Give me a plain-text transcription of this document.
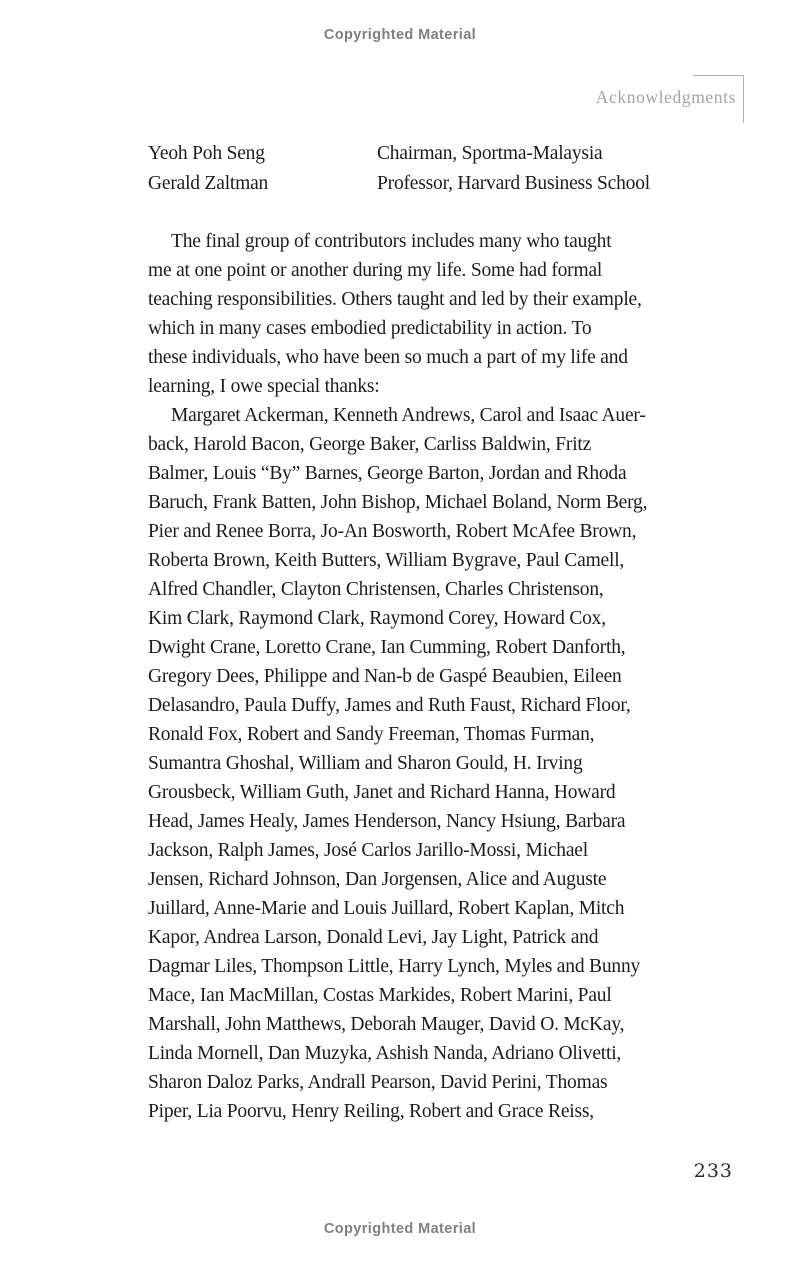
Copyrighted Material
Acknowledgments
Yeoh Poh Seng	Chairman, Sportma-Malaysia
Gerald Zaltman	Professor, Harvard Business School
The final group of contributors includes many who taught
me at one point or another during my life. Some had formal
teaching responsibilities. Others taught and led by their example,
which in many cases embodied predictability in action. To
these individuals, who have been so much a part of my life and
learning, I owe special thanks:
Margaret Ackerman, Kenneth Andrews, Carol and Isaac Auer-
back, Harold Bacon, George Baker, Carliss Baldwin, Fritz
Balmer, Louis “By” Barnes, George Barton, Jordan and Rhoda
Baruch, Frank Batten, John Bishop, Michael Boland, Norm Berg,
Pier and Renee Borra, Jo-An Bosworth, Robert McAfee Brown,
Roberta Brown, Keith Butters, William Bygrave, Paul Camell,
Alfred Chandler, Clayton Christensen, Charles Christenson,
Kim Clark, Raymond Clark, Raymond Corey, Howard Cox,
Dwight Crane, Loretto Crane, Ian Cumming, Robert Danforth,
Gregory Dees, Philippe and Nan-b de Gaspé Beaubien, Eileen
Delasandro, Paula Duffy, James and Ruth Faust, Richard Floor,
Ronald Fox, Robert and Sandy Freeman, Thomas Furman,
Sumantra Ghoshal, William and Sharon Gould, H. Irving
Grousbeck, William Guth, Janet and Richard Hanna, Howard
Head, James Healy, James Henderson, Nancy Hsiung, Barbara
Jackson, Ralph James, José Carlos Jarillo-Mossi, Michael
Jensen, Richard Johnson, Dan Jorgensen, Alice and Auguste
Juillard, Anne-Marie and Louis Juillard, Robert Kaplan, Mitch
Kapor, Andrea Larson, Donald Levi, Jay Light, Patrick and
Dagmar Liles, Thompson Little, Harry Lynch, Myles and Bunny
Mace, Ian MacMillan, Costas Markides, Robert Marini, Paul
Marshall, John Matthews, Deborah Mauger, David O. McKay,
Linda Mornell, Dan Muzyka, Ashish Nanda, Adriano Olivetti,
Sharon Daloz Parks, Andrall Pearson, David Perini, Thomas
Piper, Lia Poorvu, Henry Reiling, Robert and Grace Reiss,
233
Copyrighted Material
